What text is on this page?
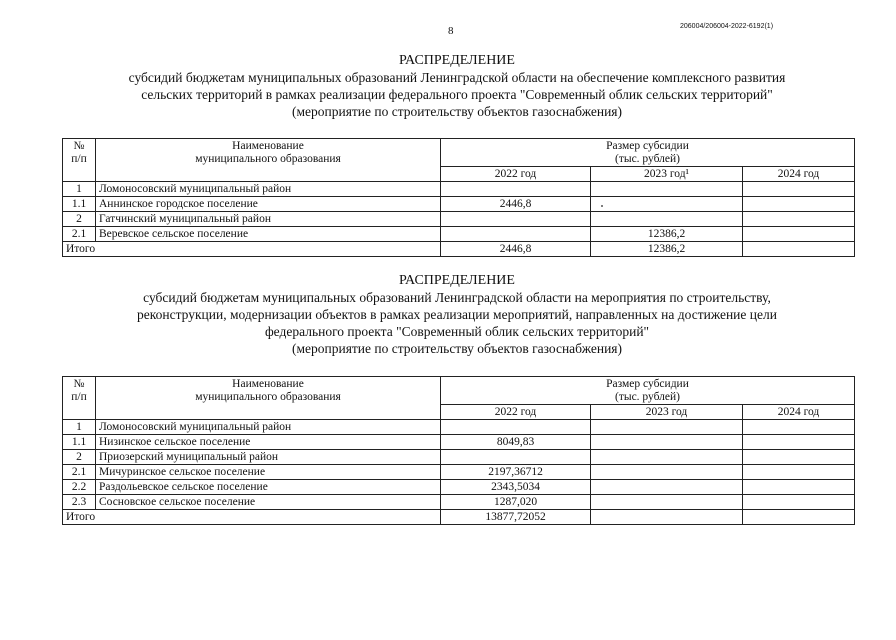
8	206004/206004-2022-6192(1)
РАСПРЕДЕЛЕНИЕ
субсидий бюджетам муниципальных образований Ленинградской области на обеспечение комплексного развития
сельских территорий в рамках реализации федерального проекта "Современный облик сельских территорий"
(мероприятие по строительству объектов газоснабжения)
№
п/п	Наименование
муниципального образования	Размер субсидии
(тыс. рублей)		
		2022 год	2023 год¹	2024 год
1	Ломоносовский муниципальный район			
1.1	Аннинское городское поселение	2446,8		
2	Гатчинский муниципальный район			
2.1	Веревское сельское поселение		12386,2	
Итого		2446,8	12386,2	
РАСПРЕДЕЛЕНИЕ
субсидий бюджетам муниципальных образований Ленинградской области на мероприятия по строительству,
реконструкции, модернизации объектов в рамках реализации мероприятий, направленных на достижение цели
федерального проекта "Современный облик сельских территорий"
(мероприятие по строительству объектов газоснабжения)
№
п/п	Наименование
муниципального образования	Размер субсидии
(тыс. рублей)		
		2022 год	2023 год	2024 год
1	Ломоносовский муниципальный район			
1.1	Низинское сельское поселение	8049,83		
2	Приозерский муниципальный район			
2.1	Мичуринское сельское поселение	2197,36712		
2.2	Раздольевское сельское поселение	2343,5034		
2.3	Сосновское сельское поселение	1287,020		
Итого		13877,72052		
